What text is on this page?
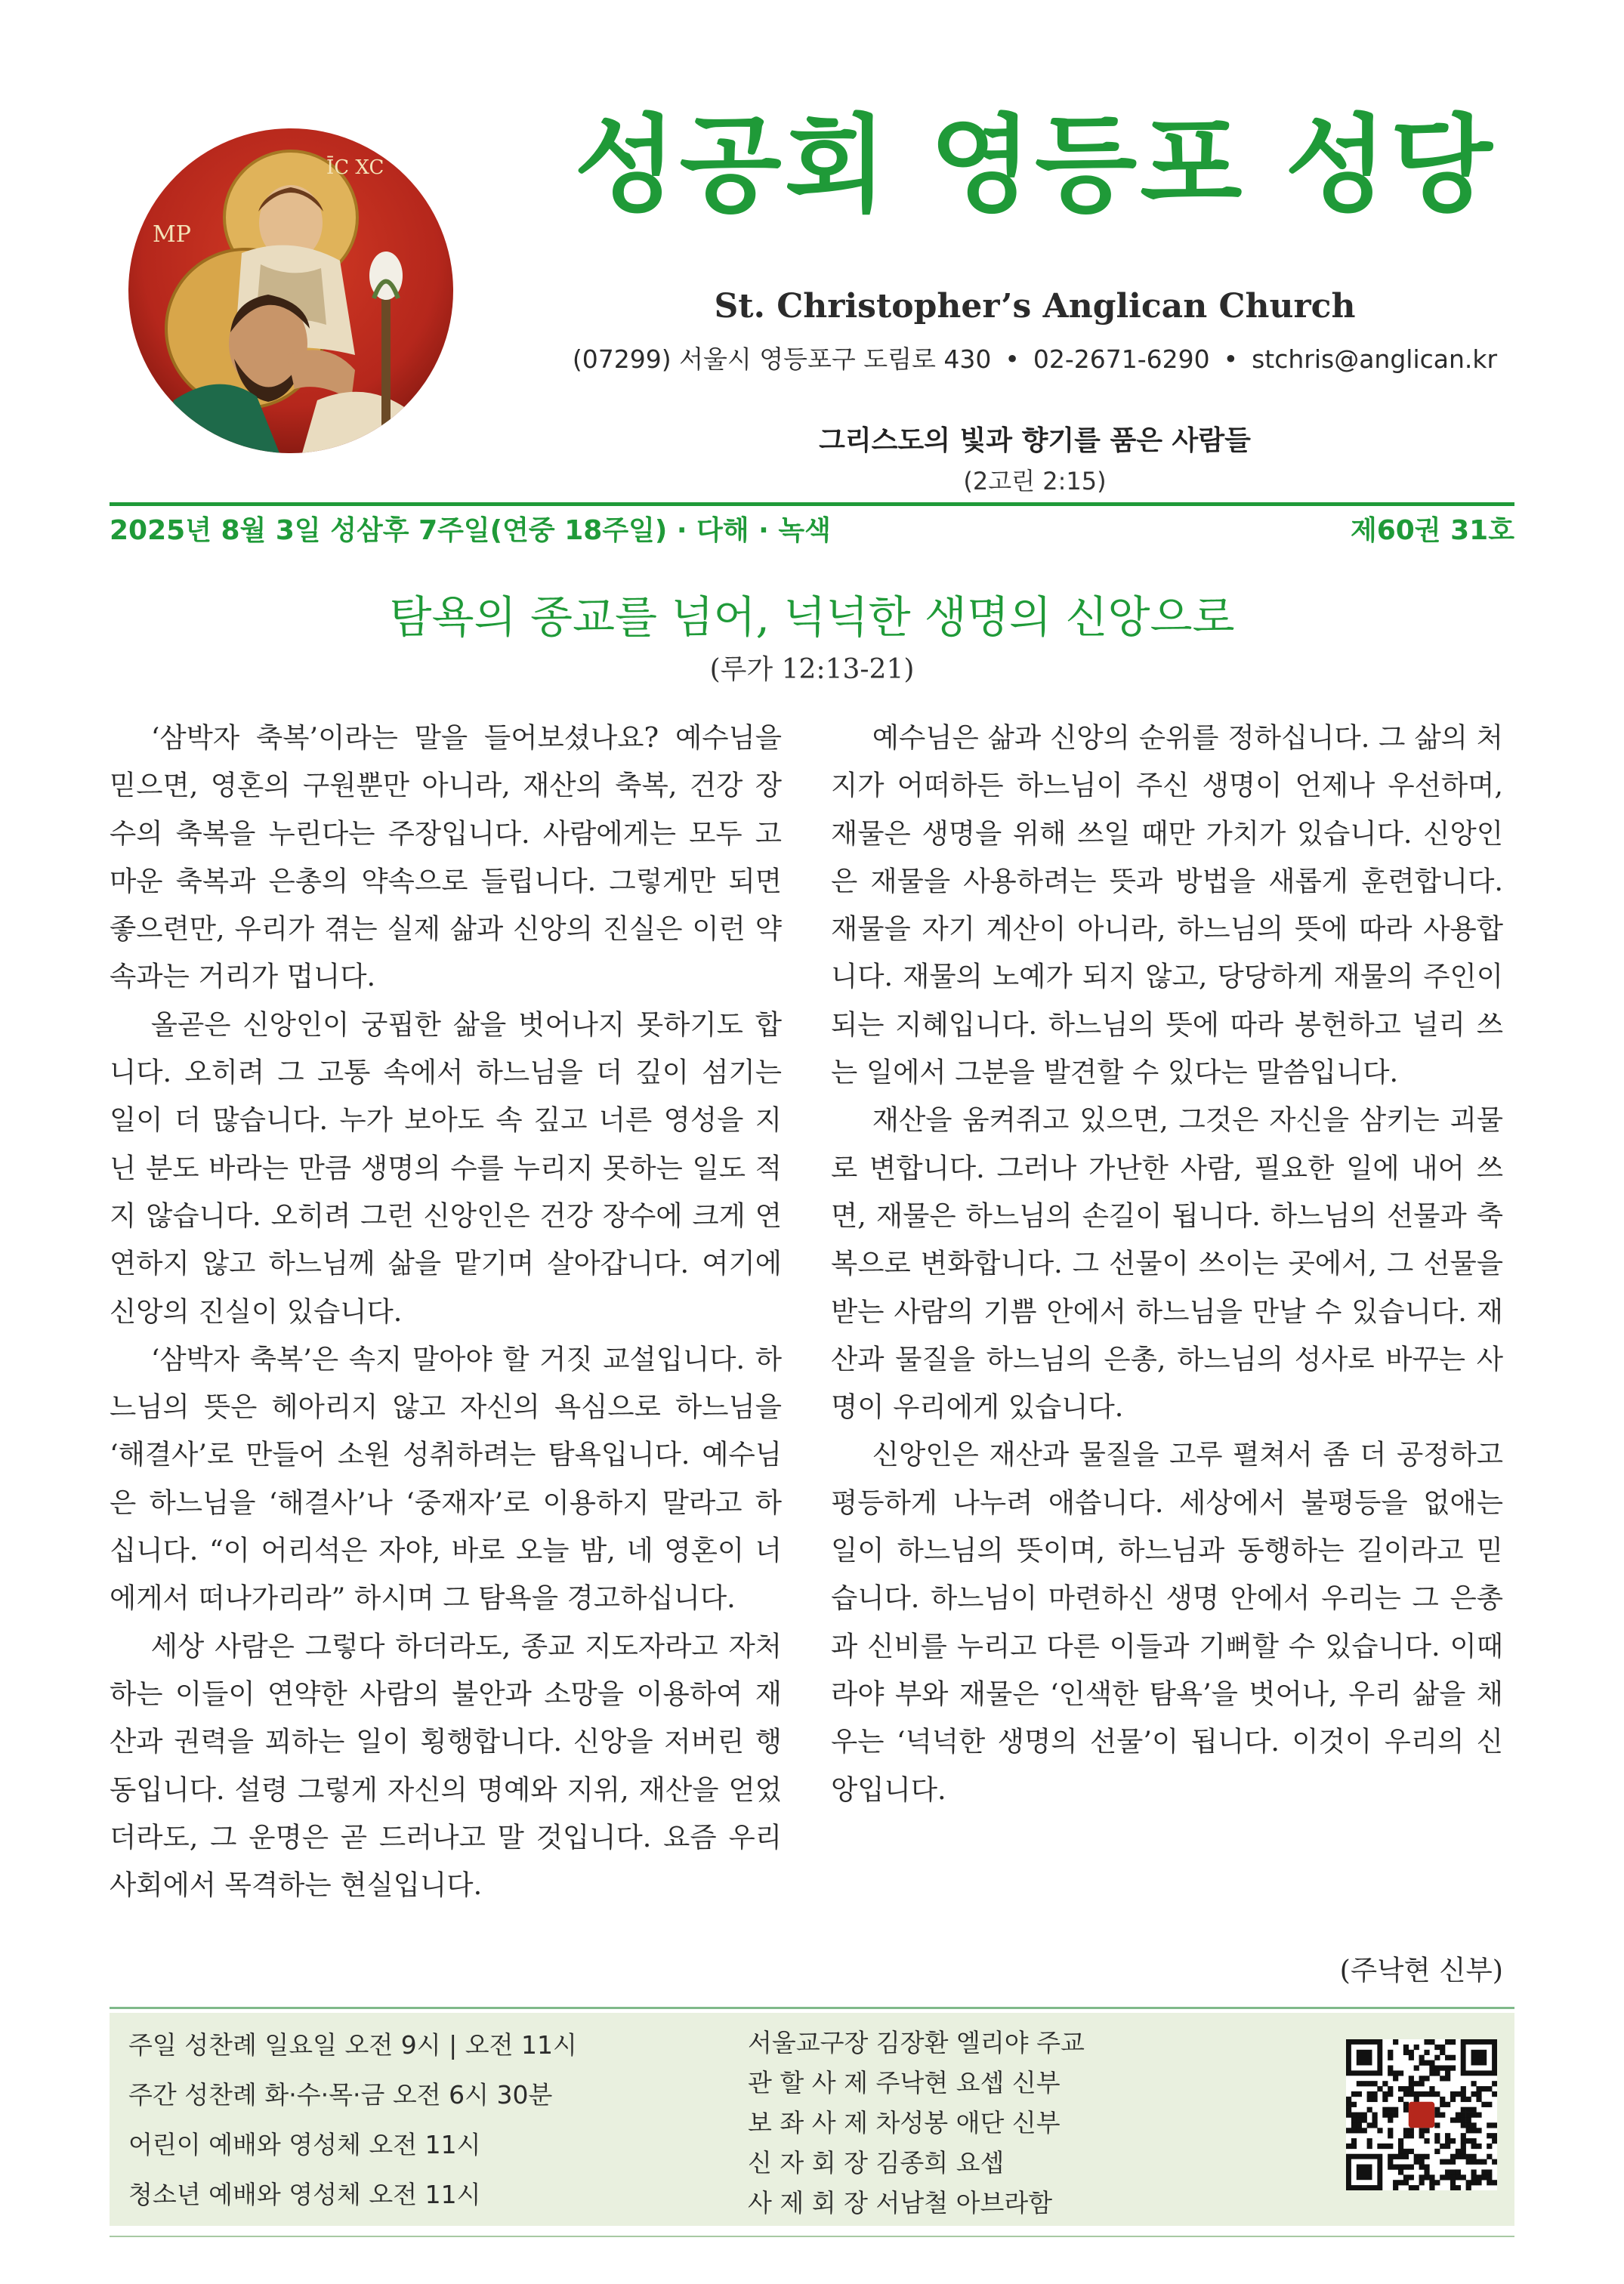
ĪC XC
ΜΡ
성공회 영등포 성당
St. Christopher’s Anglican Church
(07299) 서울시 영등포구 도림로 430 • 02-2671-6290 • stchris@anglican.kr
그리스도의 빛과 향기를 품은 사람들
(2고린 2:15)
2025년 8월 3일 성삼후 7주일(연중 18주일) · 다해 · 녹색	제60권 31호
탐욕의 종교를 넘어, 넉넉한 생명의 신앙으로
(루가 12:13-21)

‘삼박자 축복’이라는 말을 들어보셨나요? 예수님을 믿으면, 영혼의 구원뿐만 아니라, 재산의 축복, 건강 장수의 축복을 누린다는 주장입니다. 사람에게는 모두 고마운 축복과 은총의 약속으로 들립니다. 그렇게만 되면 좋으련만, 우리가 겪는 실제 삶과 신앙의 진실은 이런 약속과는 거리가 멉니다.

올곧은 신앙인이 궁핍한 삶을 벗어나지 못하기도 합니다. 오히려 그 고통 속에서 하느님을 더 깊이 섬기는 일이 더 많습니다. 누가 보아도 속 깊고 너른 영성을 지닌 분도 바라는 만큼 생명의 수를 누리지 못하는 일도 적지 않습니다. 오히려 그런 신앙인은 건강 장수에 크게 연연하지 않고 하느님께 삶을 맡기며 살아갑니다. 여기에 신앙의 진실이 있습니다.

‘삼박자 축복’은 속지 말아야 할 거짓 교설입니다. 하느님의 뜻은 헤아리지 않고 자신의 욕심으로 하느님을 ‘해결사’로 만들어 소원 성취하려는 탐욕입니다. 예수님은 하느님을 ‘해결사’나 ‘중재자’로 이용하지 말라고 하십니다. “이 어리석은 자야, 바로 오늘 밤, 네 영혼이 너에게서 떠나가리라” 하시며 그 탐욕을 경고하십니다.

세상 사람은 그렇다 하더라도, 종교 지도자라고 자처하는 이들이 연약한 사람의 불안과 소망을 이용하여 재산과 권력을 꾀하는 일이 횡행합니다. 신앙을 저버린 행동입니다. 설령 그렇게 자신의 명예와 지위, 재산을 얻었더라도, 그 운명은 곧 드러나고 말 것입니다. 요즘 우리 사회에서 목격하는 현실입니다.

예수님은 삶과 신앙의 순위를 정하십니다. 그 삶의 처지가 어떠하든 하느님이 주신 생명이 언제나 우선하며, 재물은 생명을 위해 쓰일 때만 가치가 있습니다. 신앙인은 재물을 사용하려는 뜻과 방법을 새롭게 훈련합니다. 재물을 자기 계산이 아니라, 하느님의 뜻에 따라 사용합니다. 재물의 노예가 되지 않고, 당당하게 재물의 주인이 되는 지혜입니다. 하느님의 뜻에 따라 봉헌하고 널리 쓰는 일에서 그분을 발견할 수 있다는 말씀입니다.

재산을 움켜쥐고 있으면, 그것은 자신을 삼키는 괴물로 변합니다. 그러나 가난한 사람, 필요한 일에 내어 쓰면, 재물은 하느님의 손길이 됩니다. 하느님의 선물과 축복으로 변화합니다. 그 선물이 쓰이는 곳에서, 그 선물을 받는 사람의 기쁨 안에서 하느님을 만날 수 있습니다. 재산과 물질을 하느님의 은총, 하느님의 성사로 바꾸는 사명이 우리에게 있습니다.

신앙인은 재산과 물질을 고루 펼쳐서 좀 더 공정하고 평등하게 나누려 애씁니다. 세상에서 불평등을 없애는 일이 하느님의 뜻이며, 하느님과 동행하는 길이라고 믿습니다. 하느님이 마련하신 생명 안에서 우리는 그 은총과 신비를 누리고 다른 이들과 기뻐할 수 있습니다. 이때라야 부와 재물은 ‘인색한 탐욕’을 벗어나, 우리 삶을 채우는 ‘넉넉한 생명의 선물’이 됩니다. 이것이 우리의 신앙입니다.

(주낙현 신부)
주일 성찬례 일요일 오전 9시 | 오전 11시
주간 성찬례 화·수·목·금 오전 6시 30분
어린이 예배와 영성체 오전 11시
청소년 예배와 영성체 오전 11시
서울교구장 김장환 엘리야 주교
관 할 사 제 주낙현 요셉 신부
보 좌 사 제 차성봉 애단 신부
신 자 회 장 김종희 요셉
사 제 회 장 서남철 아브라함
